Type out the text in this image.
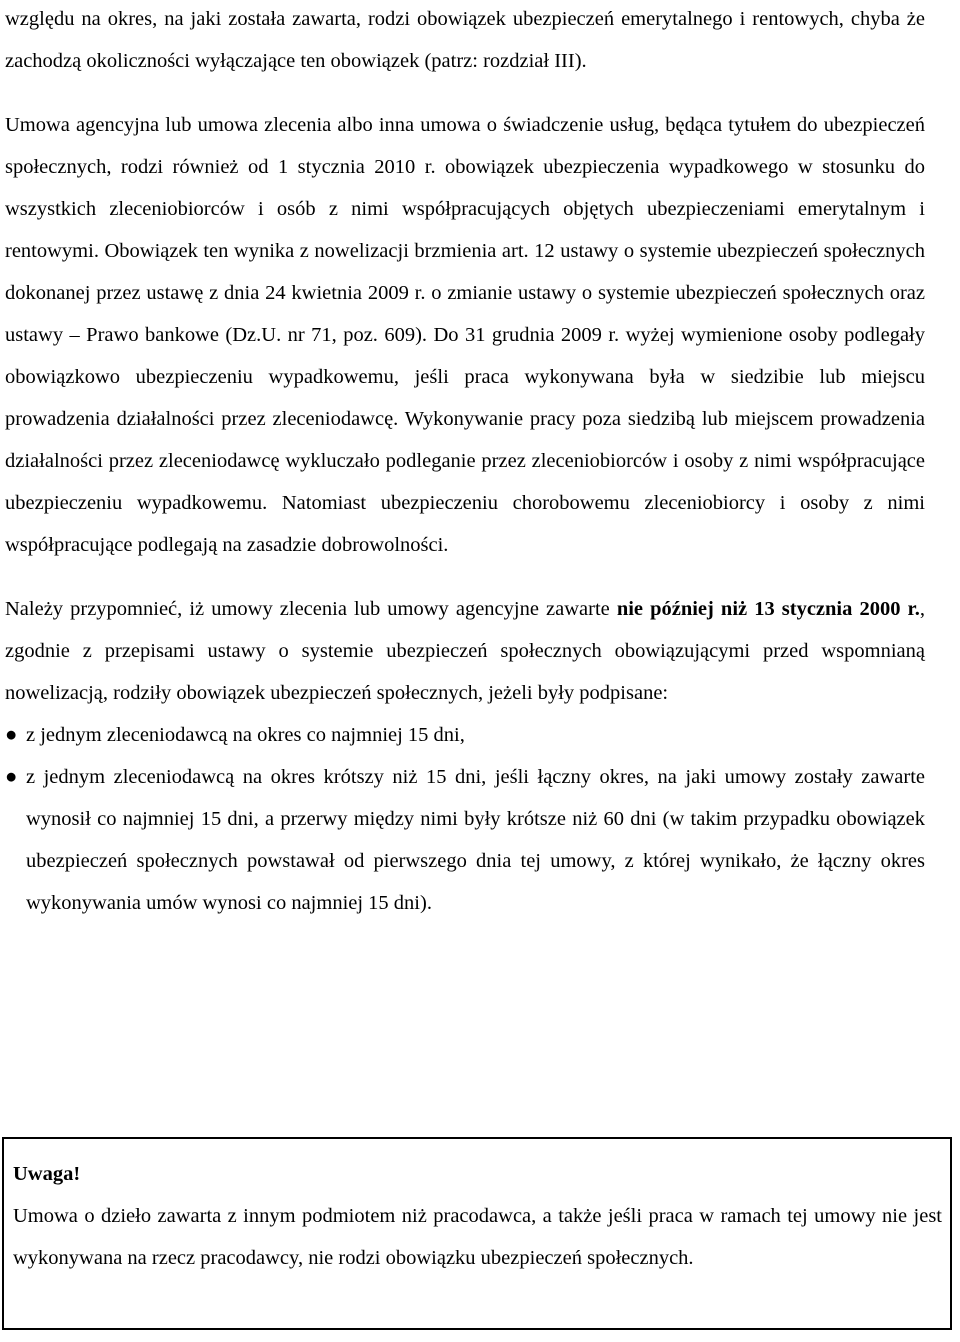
względu na okres, na jaki została zawarta, rodzi obowiązek ubezpieczeń emerytalnego i rentowych, chyba że zachodzą okoliczności wyłączające ten obowiązek (patrz: rozdział III).

Umowa agencyjna lub umowa zlecenia albo inna umowa o świadczenie usług, będąca tytułem do ubezpieczeń społecznych, rodzi również od 1 stycznia 2010 r. obowiązek ubezpieczenia wypadkowego w stosunku do wszystkich zleceniobiorców i osób z nimi współpracujących objętych ubezpieczeniami emerytalnym i rentowymi. Obowiązek ten wynika z nowelizacji brzmienia art. 12 ustawy o systemie ubezpieczeń społecznych dokonanej przez ustawę z dnia 24 kwietnia 2009 r. o zmianie ustawy o systemie ubezpieczeń społecznych oraz ustawy – Prawo bankowe (Dz.U. nr 71, poz. 609). Do 31 grudnia 2009 r. wyżej wymienione osoby podlegały obowiązkowo ubezpieczeniu wypadkowemu, jeśli praca wykonywana była w siedzibie lub miejscu prowadzenia działalności przez zleceniodawcę. Wykonywanie pracy poza siedzibą lub miejscem prowadzenia działalności przez zleceniodawcę wykluczało podleganie przez zleceniobiorców i osoby z nimi współpracujące ubezpieczeniu wypadkowemu. Natomiast ubezpieczeniu chorobowemu zleceniobiorcy i osoby z nimi współpracujące podlegają na zasadzie dobrowolności.

Należy przypomnieć, iż umowy zlecenia lub umowy agencyjne zawarte nie później niż 13 stycznia 2000 r., zgodnie z przepisami ustawy o systemie ubezpieczeń społecznych obowiązującymi przed wspomnianą nowelizacją, rodziły obowiązek ubezpieczeń społecznych, jeżeli były podpisane:

● z jednym zleceniodawcą na okres co najmniej 15 dni,
● z jednym zleceniodawcą na okres krótszy niż 15 dni, jeśli łączny okres, na jaki umowy zostały zawarte wynosił co najmniej 15 dni, a przerwy między nimi były krótsze niż 60 dni (w takim przypadku obowiązek ubezpieczeń społecznych powstawał od pierwszego dnia tej umowy, z której wynikało, że łączny okres wykonywania umów wynosi co najmniej 15 dni).

Uwaga!

Umowa o dzieło zawarta z innym podmiotem niż pracodawca, a także jeśli praca w ramach tej umowy nie jest wykonywana na rzecz pracodawcy, nie rodzi obowiązku ubezpieczeń społecznych.
